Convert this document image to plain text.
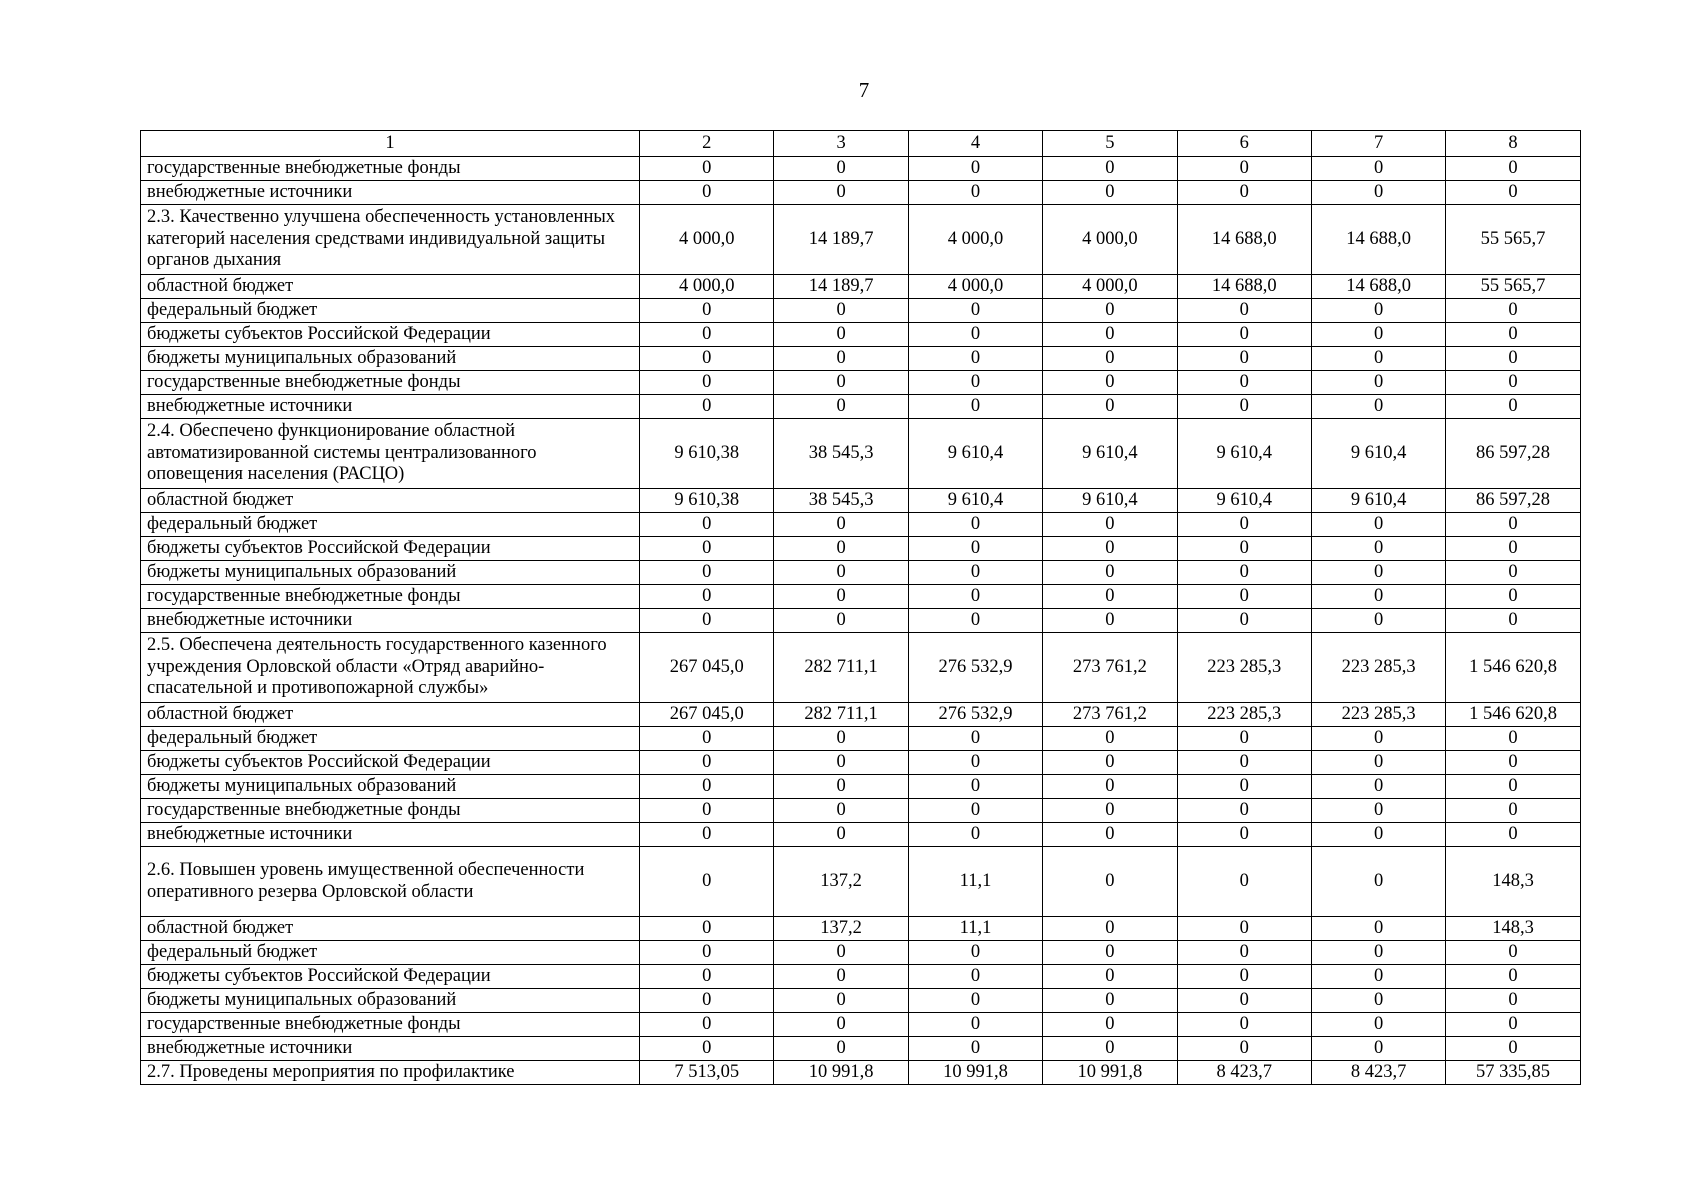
7
1	2	3	4	5	6	7	8
государственные внебюджетные фонды	0	0	0	0	0	0	0
внебюджетные источники	0	0	0	0	0	0	0
2.3. Качественно улучшена обеспеченность установленных категорий населения средствами индивидуальной защиты органов дыхания	4 000,0	14 189,7	4 000,0	4 000,0	14 688,0	14 688,0	55 565,7
областной бюджет	4 000,0	14 189,7	4 000,0	4 000,0	14 688,0	14 688,0	55 565,7
федеральный бюджет	0	0	0	0	0	0	0
бюджеты субъектов Российской Федерации	0	0	0	0	0	0	0
бюджеты муниципальных образований	0	0	0	0	0	0	0
государственные внебюджетные фонды	0	0	0	0	0	0	0
внебюджетные источники	0	0	0	0	0	0	0
2.4. Обеспечено функционирование областной автоматизированной системы централизованного оповещения населения (РАСЦО)	9 610,38	38 545,3	9 610,4	9 610,4	9 610,4	9 610,4	86 597,28
областной бюджет	9 610,38	38 545,3	9 610,4	9 610,4	9 610,4	9 610,4	86 597,28
федеральный бюджет	0	0	0	0	0	0	0
бюджеты субъектов Российской Федерации	0	0	0	0	0	0	0
бюджеты муниципальных образований	0	0	0	0	0	0	0
государственные внебюджетные фонды	0	0	0	0	0	0	0
внебюджетные источники	0	0	0	0	0	0	0
2.5. Обеспечена деятельность государственного казенного учреждения Орловской области «Отряд аварийно-спасательной и противопожарной службы»	267 045,0	282 711,1	276 532,9	273 761,2	223 285,3	223 285,3	1 546 620,8
областной бюджет	267 045,0	282 711,1	276 532,9	273 761,2	223 285,3	223 285,3	1 546 620,8
федеральный бюджет	0	0	0	0	0	0	0
бюджеты субъектов Российской Федерации	0	0	0	0	0	0	0
бюджеты муниципальных образований	0	0	0	0	0	0	0
государственные внебюджетные фонды	0	0	0	0	0	0	0
внебюджетные источники	0	0	0	0	0	0	0
2.6. Повышен уровень имущественной обеспеченности оперативного резерва Орловской области	0	137,2	11,1	0	0	0	148,3
областной бюджет	0	137,2	11,1	0	0	0	148,3
федеральный бюджет	0	0	0	0	0	0	0
бюджеты субъектов Российской Федерации	0	0	0	0	0	0	0
бюджеты муниципальных образований	0	0	0	0	0	0	0
государственные внебюджетные фонды	0	0	0	0	0	0	0
внебюджетные источники	0	0	0	0	0	0	0
2.7. Проведены мероприятия по профилактике	7 513,05	10 991,8	10 991,8	10 991,8	8 423,7	8 423,7	57 335,85
